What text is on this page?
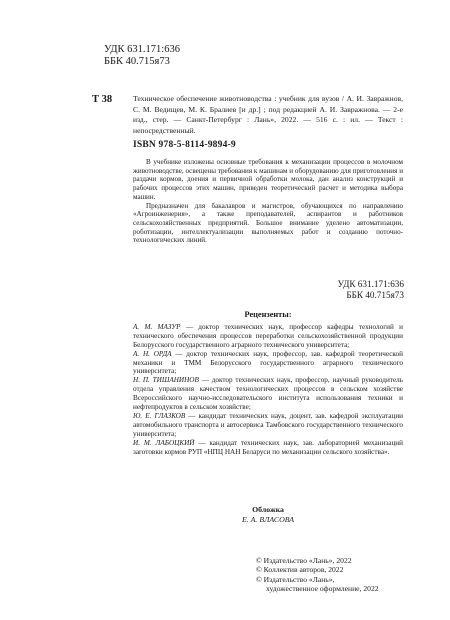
УДК 631.171:636
ББК 40.715я73
Т 38	Техническое обеспечение животноводства : учебник для вузов / А. И. Завражнов, С. М. Ведищев, М. К. Бралиев [и др.] ; под редакцией А. И. Завражнова. — 2-е изд., стер. — Санкт-Петербург : Лань», 2022. — 516 с. : ил. — Текст : непосредственный.
ISBN 978-5-8114-9894-9

В учебнике изложены основные требования к механизации процессов в молочном животноводстве, освещены требования к машинам и оборудованию для приготовления и раздачи кормов, доения и первичной обработки молока, дан анализ конструкций и рабочих процессов этих машин, приведен теоретический расчет и методика выбора машин.

Предназначен для бакалавров и магистров, обучающихся по направлению «Агроинженерия», а также преподавателей, аспирантов и работников сельскохозяйственных предприятий. Большое внимание уделено автоматизации, роботизации, интеллектуализации выполняемых работ и созданию поточно-технологических линий.

УДК 631.171:636
ББК 40.715я73
Рецензенты:

А. М. МАЗУР — доктор технических наук, профессор кафедры технологий и технического обеспечения процессов переработки сельскохозяйственной продукции Белорусского государственного аграрного технического университета;

А. Н. ОРДА — доктор технических наук, профессор, зав. кафедрой теоретической механики и ТММ Белорусского государственного аграрного технического университета;

Н. П. ТИШАНИНОВ — доктор технических наук, профессор, научный руководитель отдела управления качеством технологических процессов в сельском хозяйстве Всероссийского научно-исследовательского института использования техники и нефтепродуктов в сельском хозяйстве;

Ю. Е. ГЛАЗКОВ — кандидат технических наук, доцент, зав. кафедрой эксплуатации автомобильного транспорта и автосервиса Тамбовского государственного технического университета;

И. М. ЛАБОЦКИЙ — кандидат технических наук, зав. лабораторией механизаций заготовки кормов РУП «НПЦ НАН Беларуси по механизации сельского хозяйства».

Обложка
Е. А. ВЛАСОВА

© Издательство «Лань», 2022

© Коллектив авторов, 2022

© Издательство «Лань»,

художественное оформление, 2022
